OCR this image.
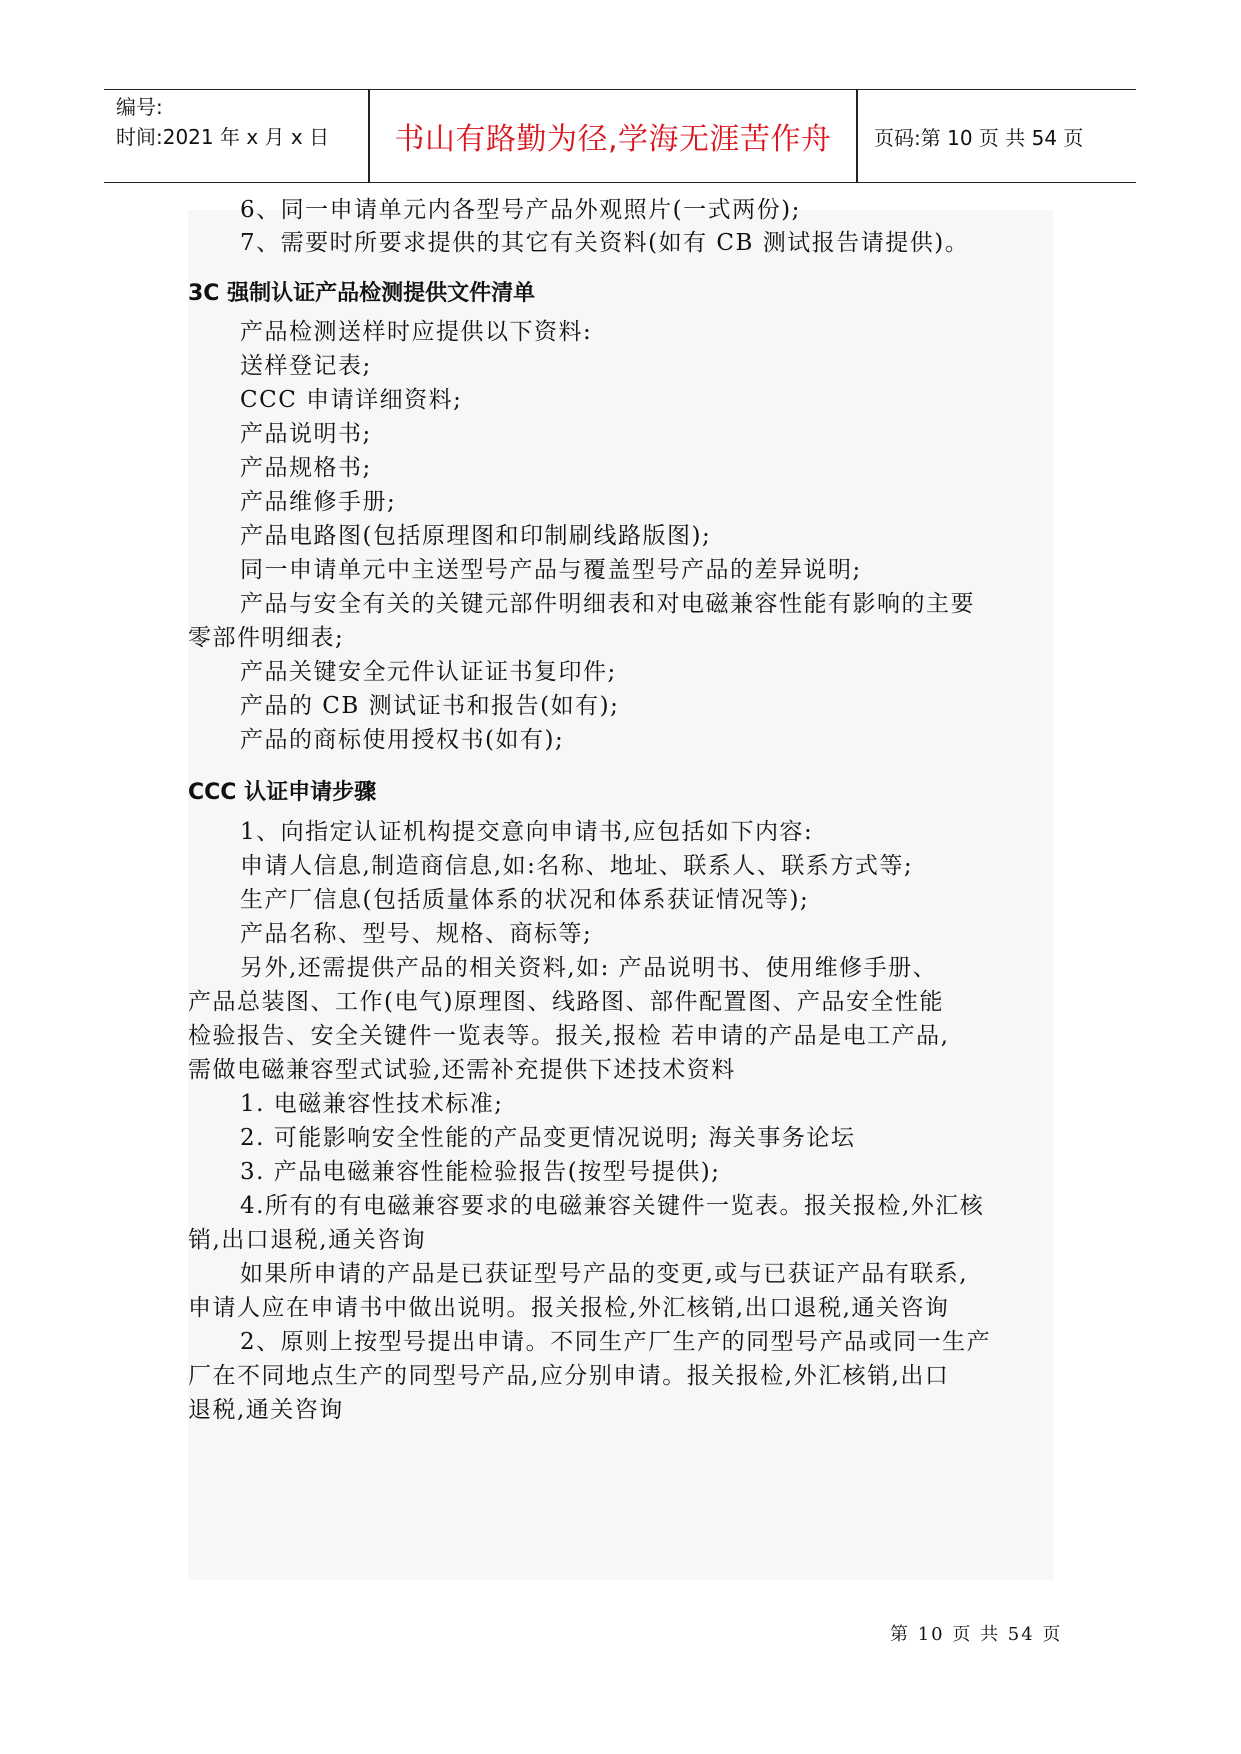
编号:
时间:2021 年 x 月 x 日	书山有路勤为径,学海无涯苦作舟	页码:第 10 页 共 54 页
6、同一申请单元内各型号产品外观照片(一式两份);
7、需要时所要求提供的其它有关资料(如有 CB 测试报告请提供)。
3C 强制认证产品检测提供文件清单
产品检测送样时应提供以下资料:
送样登记表;
CCC 申请详细资料;
产品说明书;
产品规格书;
产品维修手册;
产品电路图(包括原理图和印制刷线路版图);
同一申请单元中主送型号产品与覆盖型号产品的差异说明;
产品与安全有关的关键元部件明细表和对电磁兼容性能有影响的主要
零部件明细表;
产品关键安全元件认证证书复印件;
产品的 CB 测试证书和报告(如有);
产品的商标使用授权书(如有);
CCC 认证申请步骤
1、向指定认证机构提交意向申请书,应包括如下内容:
申请人信息,制造商信息,如:名称、地址、联系人、联系方式等;
生产厂信息(包括质量体系的状况和体系获证情况等);
产品名称、型号、规格、商标等;
另外,还需提供产品的相关资料,如: 产品说明书、使用维修手册、
产品总装图、工作(电气)原理图、线路图、部件配置图、产品安全性能
检验报告、安全关键件一览表等。报关,报检 若申请的产品是电工产品,
需做电磁兼容型式试验,还需补充提供下述技术资料
1. 电磁兼容性技术标准;
2. 可能影响安全性能的产品变更情况说明; 海关事务论坛
3. 产品电磁兼容性能检验报告(按型号提供);
4.所有的有电磁兼容要求的电磁兼容关键件一览表。报关报检,外汇核
销,出口退税,通关咨询
如果所申请的产品是已获证型号产品的变更,或与已获证产品有联系,
申请人应在申请书中做出说明。报关报检,外汇核销,出口退税,通关咨询
2、原则上按型号提出申请。不同生产厂生产的同型号产品或同一生产
厂在不同地点生产的同型号产品,应分别申请。报关报检,外汇核销,出口
退税,通关咨询
第 10 页 共 54 页
